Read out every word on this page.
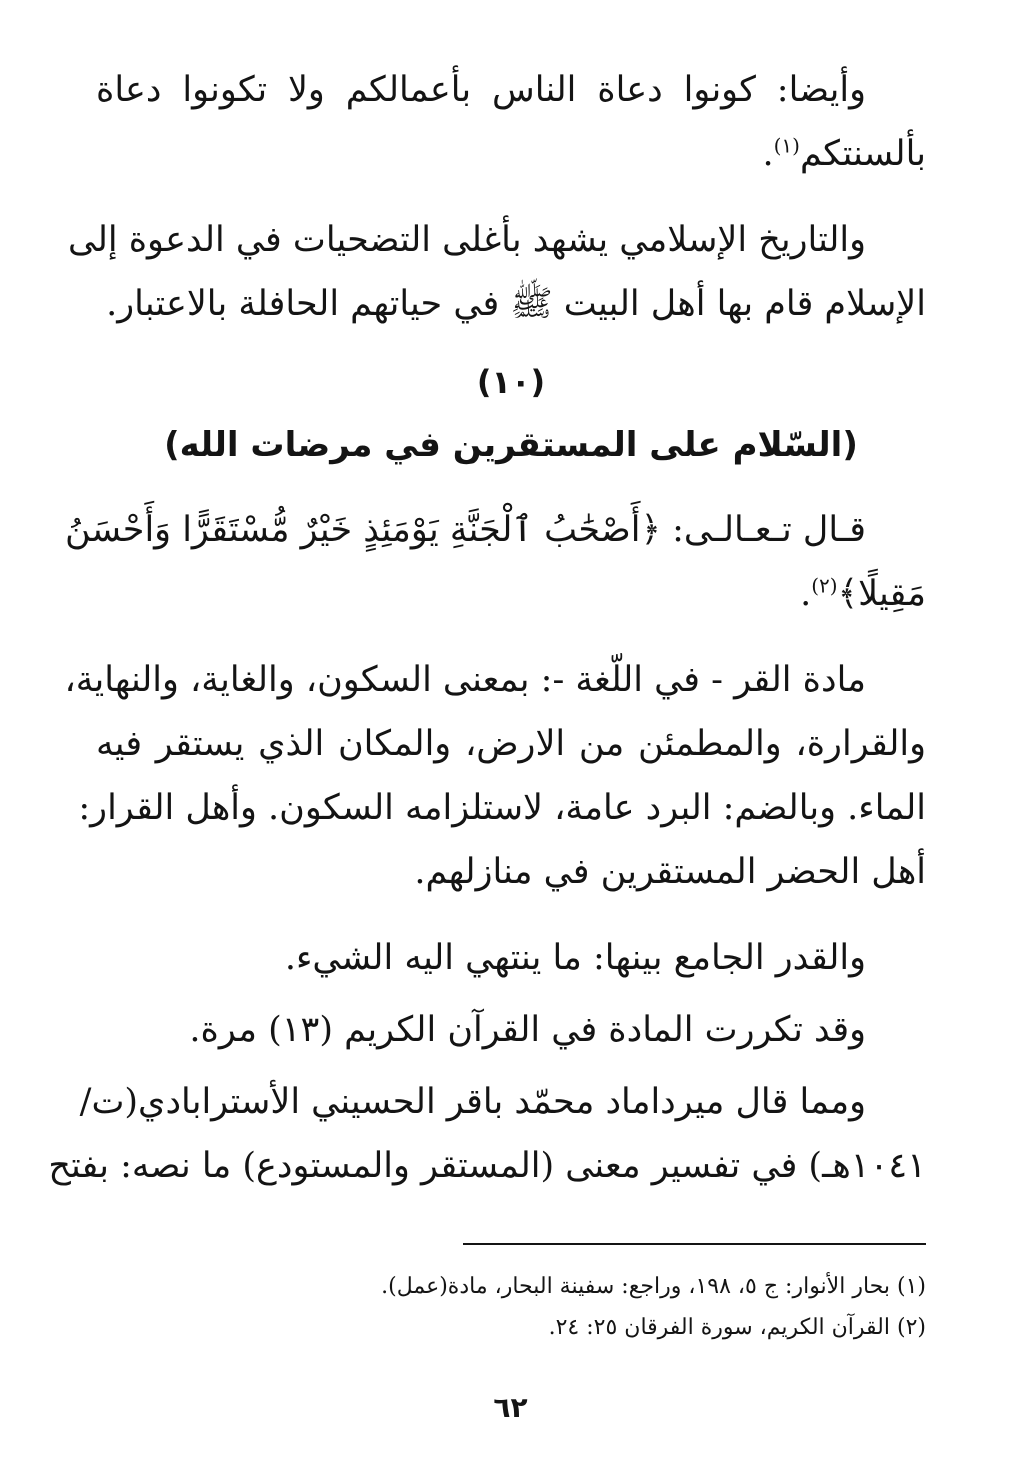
وأيضا: كونوا دعاة الناس بأعمالكم ولا تكونوا دعاة
بألسنتكم$^{(١)}$.
والتاريخ الإسلامي يشهد بأغلى التضحيات في الدعوة إلى
الإسلام قام بها أهل البيت ﷺ في حياتهم الحافلة بالاعتبار.
(١٠)
(السّلام على المستقرين في مرضات الله)
قـال تـعـالـى: ﴿أَصْحَٰبُ ٱلْجَنَّةِ يَوْمَئِذٍ خَيْرٌ مُّسْتَقَرًّا وَأَحْسَنُ
مَقِيلًا﴾$^{(٢)}$.
مادة القر - في اللّغة -: بمعنى السكون، والغاية، والنهاية،
والقرارة، والمطمئن من الارض، والمكان الذي يستقر فيه
الماء. وبالضم: البرد عامة، لاستلزامه السكون. وأهل القرار:
أهل الحضر المستقرين في منازلهم.
والقدر الجامع بينها: ما ينتهي اليه الشيء.
وقد تكررت المادة في القرآن الكريم (١٣) مرة.
ومما قال ميرداماد محمّد باقر الحسيني الأسترابادي(ت/
١٠٤١هـ) في تفسير معنى (المستقر والمستودع) ما نصه: بفتح
(١) بحار الأنوار: ج ٥، ١٩٨، وراجع: سفينة البحار، مادة(عمل).
(٢) القرآن الكريم، سورة الفرقان ٢٥: ٢٤.
٦٢
